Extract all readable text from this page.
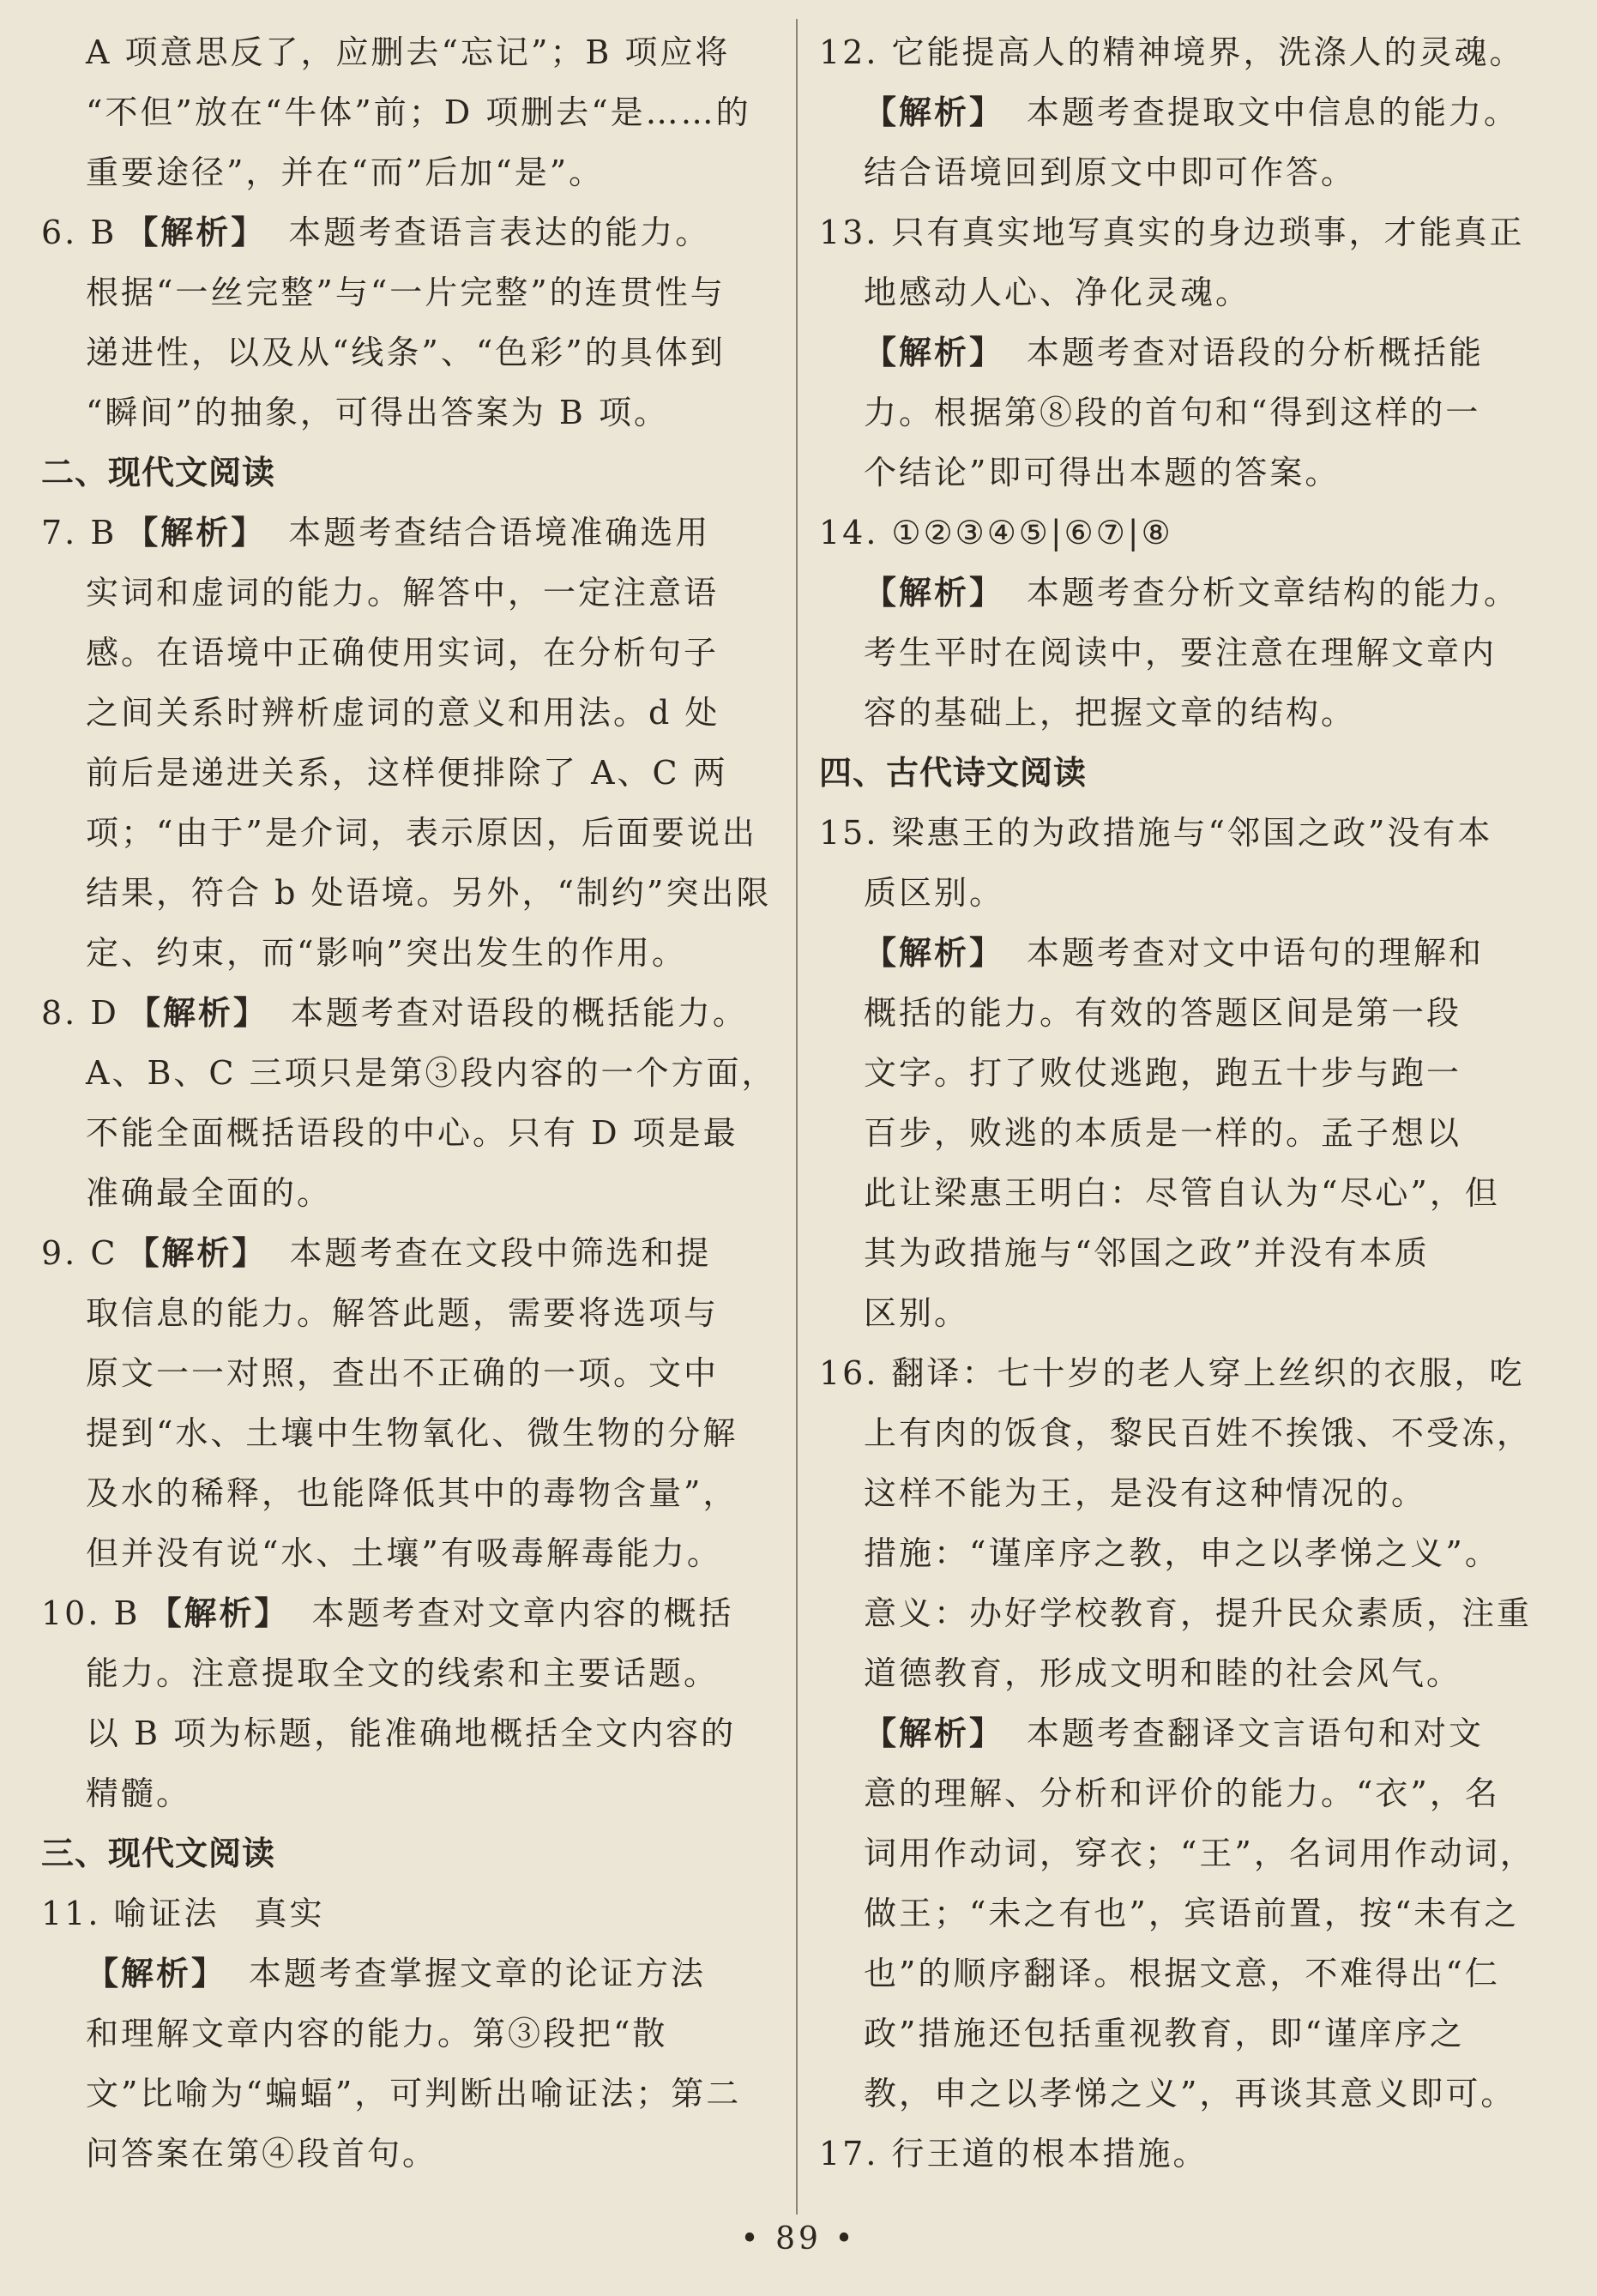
A 项意思反了，应删去“忘记”；B 项应将
“不但”放在“牛体”前；D 项删去“是……的
重要途径”，并在“而”后加“是”。
6. B 【解析】 本题考查语言表达的能力。
根据“一丝完整”与“一片完整”的连贯性与
递进性，以及从“线条”、“色彩”的具体到
“瞬间”的抽象，可得出答案为 B 项。
二、现代文阅读
7. B 【解析】 本题考查结合语境准确选用
实词和虚词的能力。解答中，一定注意语
感。在语境中正确使用实词，在分析句子
之间关系时辨析虚词的意义和用法。d 处
前后是递进关系，这样便排除了 A、C 两
项；“由于”是介词，表示原因，后面要说出
结果，符合 b 处语境。另外，“制约”突出限
定、约束，而“影响”突出发生的作用。
8. D 【解析】 本题考查对语段的概括能力。
A、B、C 三项只是第③段内容的一个方面，
不能全面概括语段的中心。只有 D 项是最
准确最全面的。
9. C 【解析】 本题考查在文段中筛选和提
取信息的能力。解答此题，需要将选项与
原文一一对照，查出不正确的一项。文中
提到“水、土壤中生物氧化、微生物的分解
及水的稀释，也能降低其中的毒物含量”，
但并没有说“水、土壤”有吸毒解毒能力。
10. B 【解析】 本题考查对文章内容的概括
能力。注意提取全文的线索和主要话题。
以 B 项为标题，能准确地概括全文内容的
精髓。
三、现代文阅读
11. 喻证法　真实
【解析】 本题考查掌握文章的论证方法
和理解文章内容的能力。第③段把“散
文”比喻为“蝙蝠”，可判断出喻证法；第二
问答案在第④段首句。
12. 它能提高人的精神境界，洗涤人的灵魂。
【解析】 本题考查提取文中信息的能力。
结合语境回到原文中即可作答。
13. 只有真实地写真实的身边琐事，才能真正
地感动人心、净化灵魂。
【解析】 本题考查对语段的分析概括能
力。根据第⑧段的首句和“得到这样的一
个结论”即可得出本题的答案。
14. ①②③④⑤|⑥⑦|⑧
【解析】 本题考查分析文章结构的能力。
考生平时在阅读中，要注意在理解文章内
容的基础上，把握文章的结构。
四、古代诗文阅读
15. 梁惠王的为政措施与“邻国之政”没有本
质区别。
【解析】 本题考查对文中语句的理解和
概括的能力。有效的答题区间是第一段
文字。打了败仗逃跑，跑五十步与跑一
百步，败逃的本质是一样的。孟子想以
此让梁惠王明白：尽管自认为“尽心”，但
其为政措施与“邻国之政”并没有本质
区别。
16. 翻译：七十岁的老人穿上丝织的衣服，吃
上有肉的饭食，黎民百姓不挨饿、不受冻，
这样不能为王，是没有这种情况的。
措施：“谨庠序之教，申之以孝悌之义”。
意义：办好学校教育，提升民众素质，注重
道德教育，形成文明和睦的社会风气。
【解析】 本题考查翻译文言语句和对文
意的理解、分析和评价的能力。“衣”，名
词用作动词，穿衣；“王”，名词用作动词，
做王；“未之有也”，宾语前置，按“未有之
也”的顺序翻译。根据文意，不难得出“仁
政”措施还包括重视教育，即“谨庠序之
教，申之以孝悌之义”，再谈其意义即可。
17. 行王道的根本措施。
• 89 •
